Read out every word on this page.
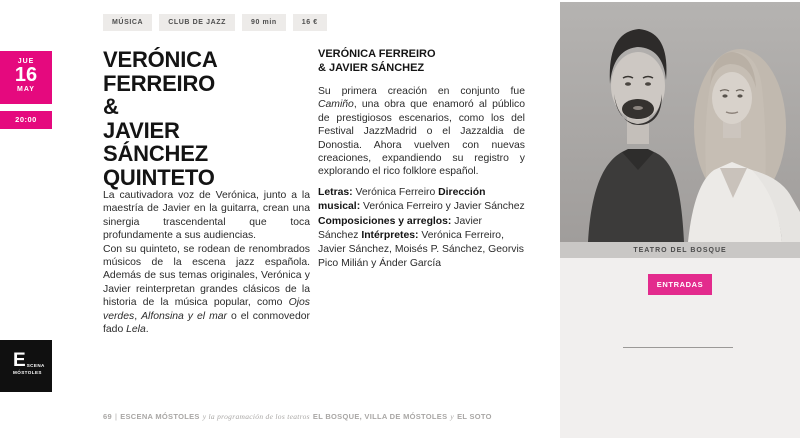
JUE
16
MAY
20:00
MÚSICA	CLUB DE JAZZ	90 min	16 €
VERÓNICA
FERREIRO
&
JAVIER
SÁNCHEZ
QUINTETO
La cautivadora voz de Verónica, junto a la maestría de Javier en la guitarra, crean una sinergia trascendental que toca profundamente a sus audiencias.
Con su quinteto, se rodean de renombrados músicos de la escena jazz española. Además de sus temas originales, Verónica y Javier reinterpretan grandes clásicos de la historia de la música popular, como Ojos verdes, Alfonsina y el mar o el conmovedor fado Lela.
VERÓNICA FERREIRO
& JAVIER SÁNCHEZ
Su primera creación en conjunto fue Camiño, una obra que enamoró al público de prestigiosos escenarios, como los del Festival JazzMadrid o el Jazzaldia de Donostia. Ahora vuelven con nuevas creaciones, expandiendo su registro y explorando el rico folklore español.
Letras: Verónica Ferreiro Dirección musical: Verónica Ferreiro y Javier Sánchez Composiciones y arreglos: Javier Sánchez Intérpretes: Verónica Ferreiro, Javier Sánchez, Moisés P. Sánchez, Georvis Pico Milián y Ánder García
TEATRO DEL BOSQUE
ENTRADAS
E SCENA
MÓSTOLES
69 | ESCENA MÓSTOLES y la programación de los teatros EL BOSQUE, VILLA DE MÓSTOLES y EL SOTO
